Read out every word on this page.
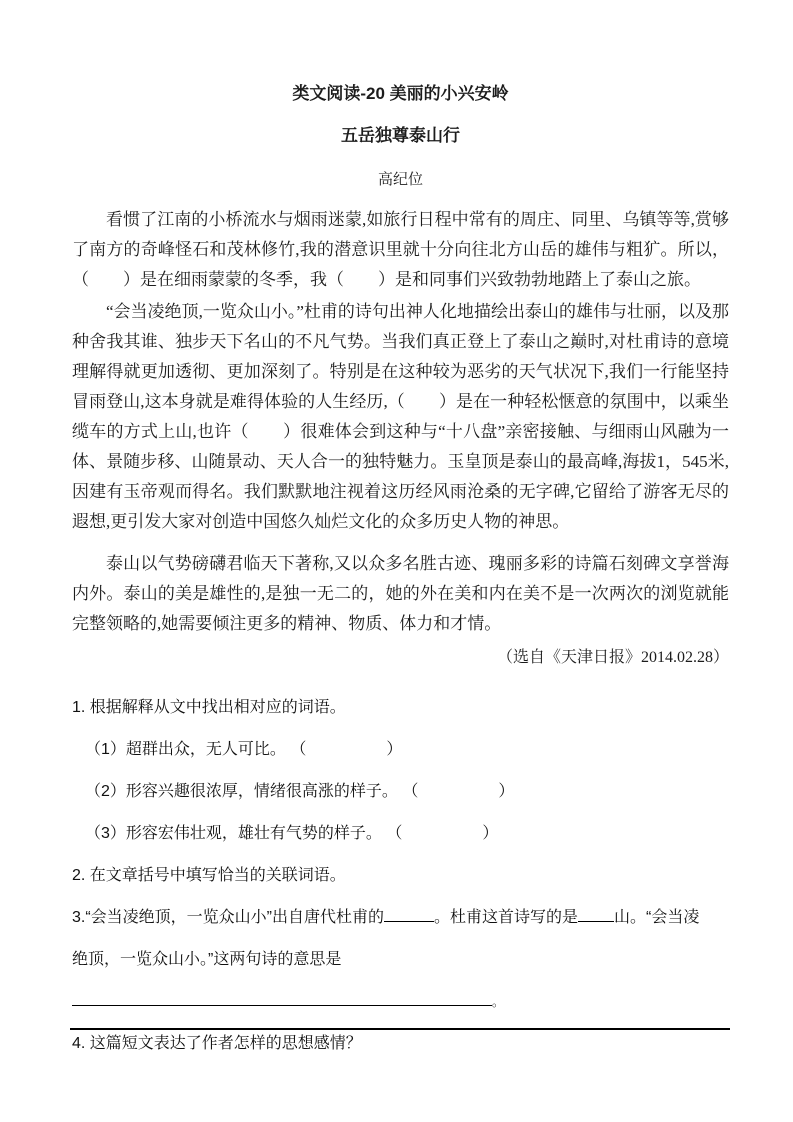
类文阅读-20 美丽的小兴安岭
五岳独尊泰山行
高纪位

看惯了江南的小桥流水与烟雨迷蒙,如旅行日程中常有的周庄、同里、乌镇等等,赏够了南方的奇峰怪石和茂林修竹,我的潜意识里就十分向往北方山岳的雄伟与粗犷。所以，（　　）是在细雨蒙蒙的冬季，我（　　）是和同事们兴致勃勃地踏上了泰山之旅。

“会当凌绝顶,一览众山小。”杜甫的诗句出神人化地描绘出泰山的雄伟与壮丽，以及那种舍我其谁、独步天下名山的不凡气势。当我们真正登上了泰山之巅时,对杜甫诗的意境理解得就更加透彻、更加深刻了。特别是在这种较为恶劣的天气状况下,我们一行能坚持冒雨登山,这本身就是难得体验的人生经历,（　　）是在一种轻松惬意的氛围中，以乘坐缆车的方式上山,也许（　　）很难体会到这种与“十八盘”亲密接触、与细雨山风融为一体、景随步移、山随景动、天人合一的独特魅力。玉皇顶是泰山的最高峰,海拔1，545米,因建有玉帝观而得名。我们默默地注视着这历经风雨沧桑的无字碑,它留给了游客无尽的遐想,更引发大家对创造中国悠久灿烂文化的众多历史人物的神思。

泰山以气势磅礴君临天下著称,又以众多名胜古迹、瑰丽多彩的诗篇石刻碑文享誉海内外。泰山的美是雄性的,是独一无二的，她的外在美和内在美不是一次两次的浏览就能完整领略的,她需要倾注更多的精神、物质、体力和才情。

（选自《天津日报》2014.02.28）
1. 根据解释从文中找出相对应的词语。
（1）超群出众，无人可比。 （　　　　　）
（2）形容兴趣很浓厚，情绪很高涨的样子。 （　　　　　）
（3）形容宏伟壮观，雄壮有气势的样子。 （　　　　　）
2. 在文章括号中填写恰当的关联词语。
3.“会当凌绝顶，一览众山小”出自唐代杜甫的	。杜甫这首诗写的是 山。“会当凌
绝顶，一览众山小。”这两句诗的意思是。
4. 这篇短文表达了作者怎样的思想感情？
